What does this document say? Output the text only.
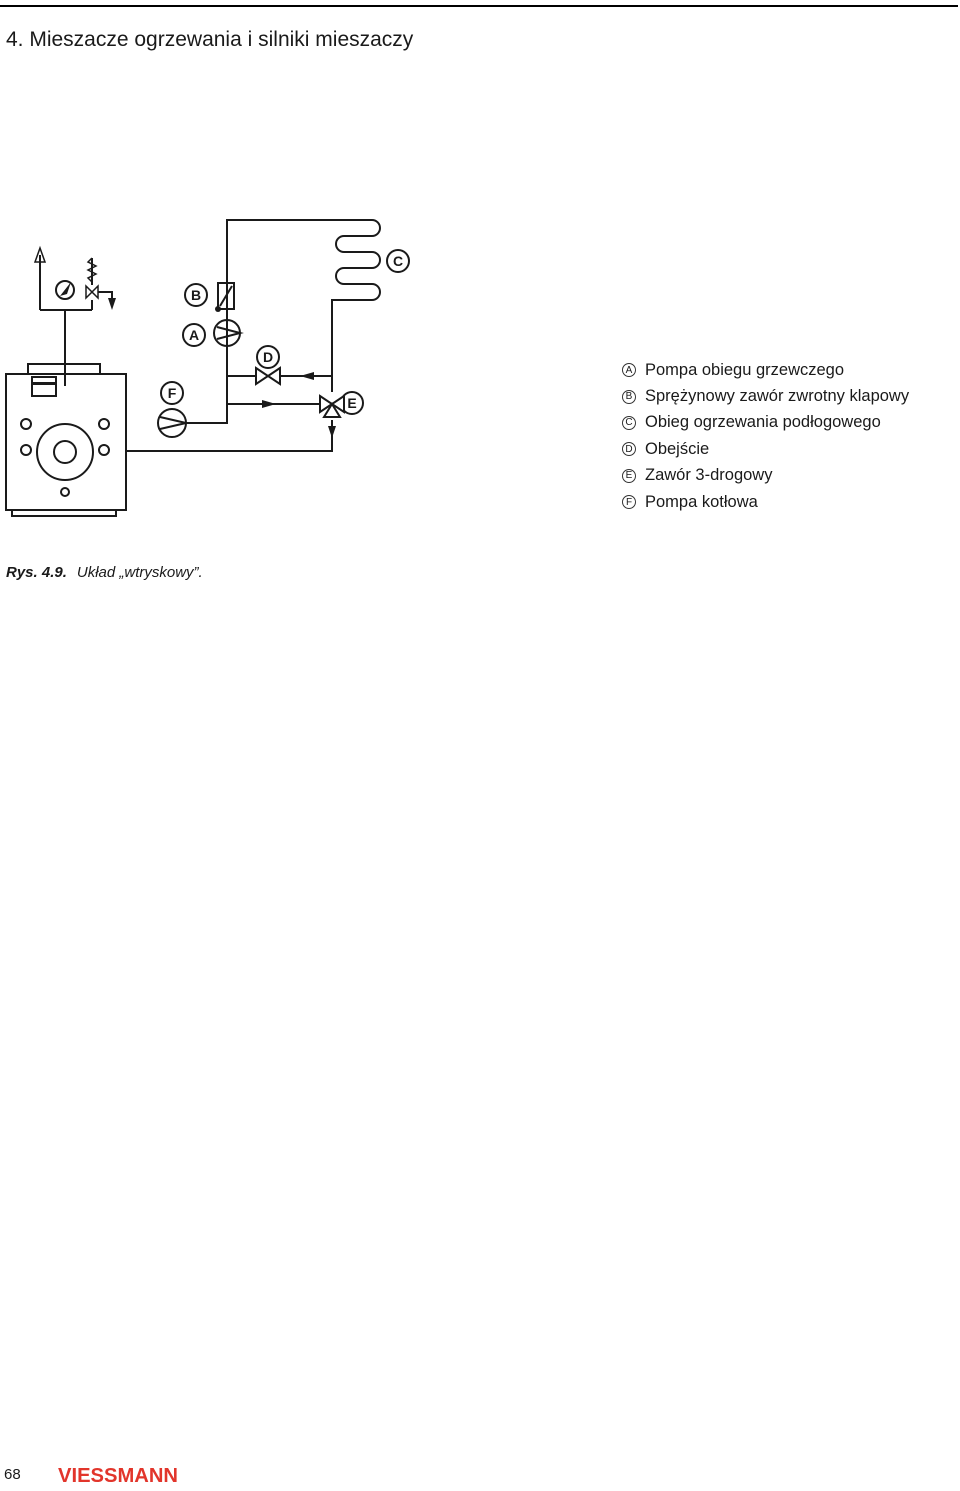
4. Mieszacze ogrzewania i silniki mieszaczy
B
A
C
D
E
F
A Pompa obiegu grzewczego
B Sprężynowy zawór zwrotny klapowy
C Obieg ogrzewania podłogowego
D Obejście
E Zawór 3-drogowy
F Pompa kotłowa
Rys. 4.9. Układ „wtryskowy”.
68 VIESSMANN
